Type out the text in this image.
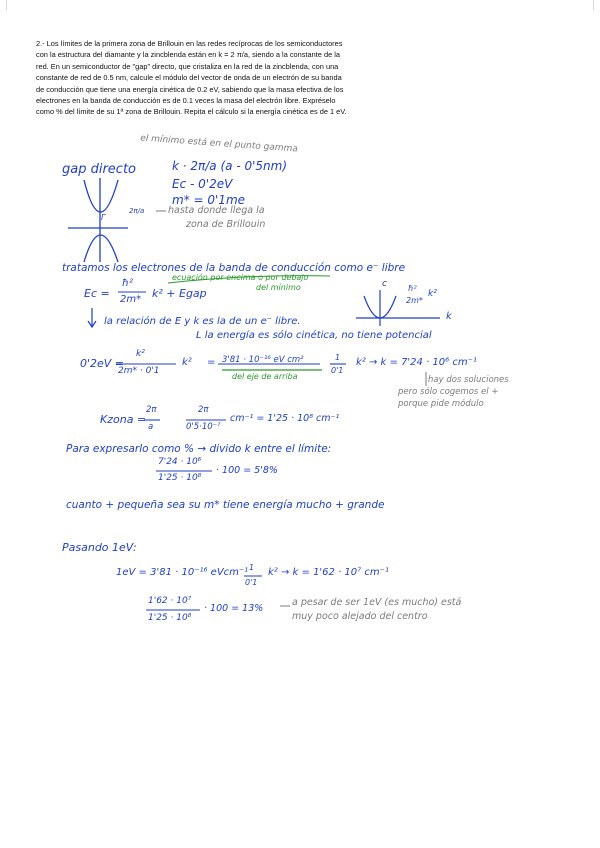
2.- Los límites de la primera zona de Brillouin en las redes recíprocas de los semiconductores
con la estructura del diamante y la zincblenda están en k = 2 π/a, siendo a la constante de la
red. En un semiconductor de "gap" directo, que cristaliza en la red de la zincblenda, con una
constante de red de 0.5 nm, calcule el módulo del vector de onda de un electrón de su banda
de conducción que tiene una energía cinética de 0.2 eV, sabiendo que la masa efectiva de los
electrones en la banda de conducción es de 0.1 veces la masa del electrón libre. Expréselo
como % del límite de su 1ª zona de Brillouin. Repita el cálculo si la energía cinética es de 1 eV.
el mínimo está en el punto gamma
gap directo	k · 2π/a (a - 0'5nm)
Ec - 0'2eV
m* = 0'1me
2π/a
Γ
hasta donde llega la
zona de Brillouin
tratamos los electrones de la banda de conducción como e⁻ libre
ecuación por encima o por debajo
del mínimo
Ec =
ħ²
2m* k² + Egap
c	ħ²
2m*
k²
k
la relación de E y k es la de un e⁻ libre.
L la energía es sólo cinética, no tiene potencial
0'2eV =
k²
2m* · 0'1
k² = 3'81 · 10⁻¹⁶ eV cm²	1
0'1
k² → k = 7'24 · 10⁶ cm⁻¹
del eje de arriba	hay dos soluciones
pero sólo cogemos el +
porque pide módulo
Kzona =
2π
a
2π
0'5·10⁻⁷
cm⁻¹ = 1'25 · 10⁸ cm⁻¹
Para expresarlo como % → divido k entre el límite:
7'24 · 10⁶
1'25 · 10⁸
· 100 = 5'8%
cuanto + pequeña sea su m* tiene energía mucho + grande
Pasando 1eV:
1eV = 3'81 · 10⁻¹⁶ eVcm⁻¹ 1
0'1
k² → k = 1'62 · 10⁷ cm⁻¹
1'62 · 10⁷
1'25 · 10⁸
· 100 = 13%
a pesar de ser 1eV (es mucho) está
muy poco alejado del centro
